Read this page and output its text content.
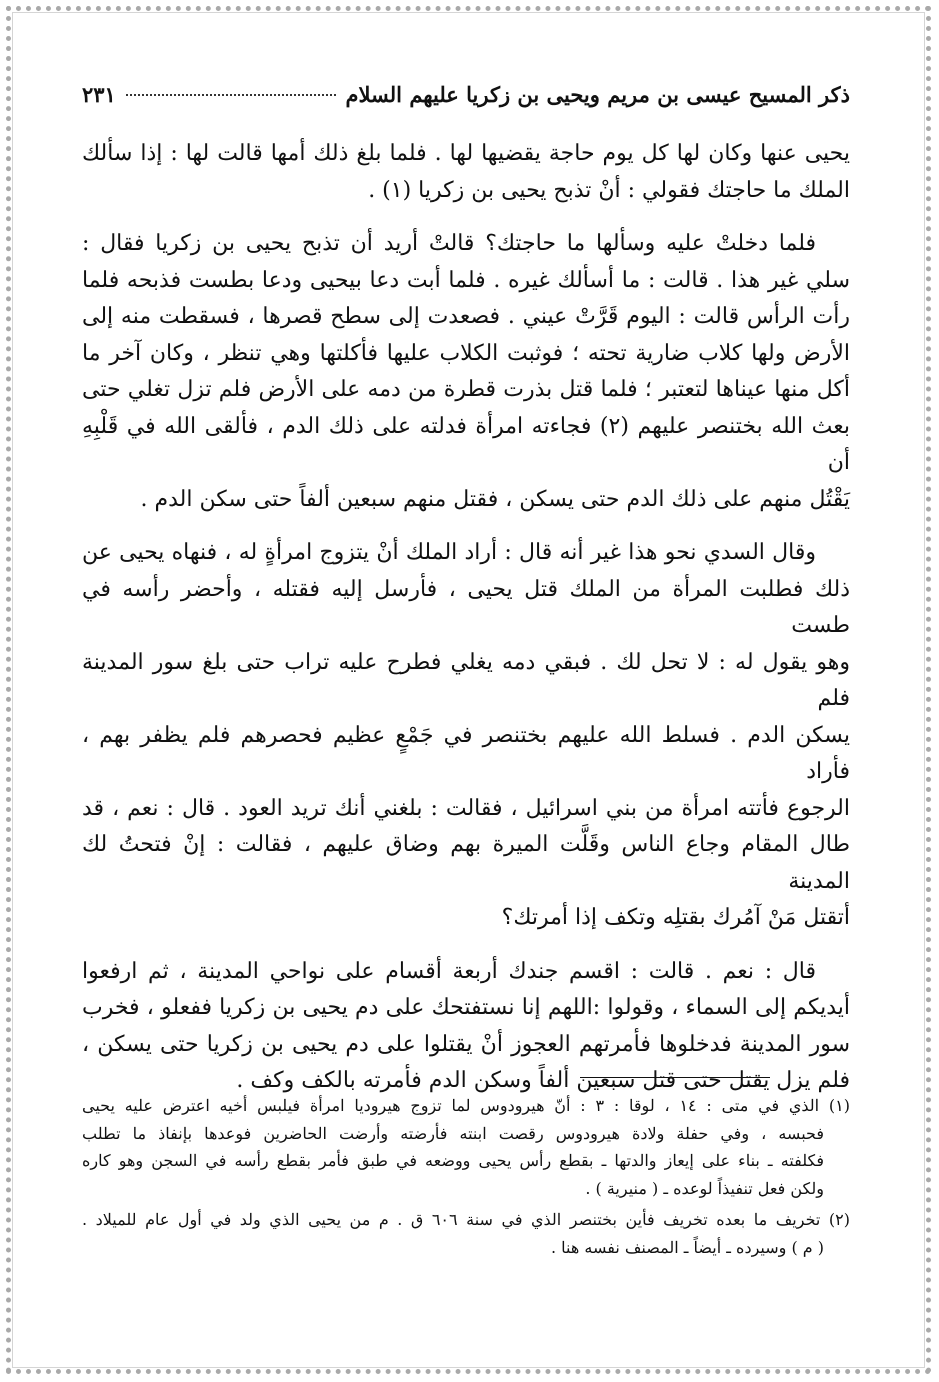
ذكر المسيح عيسى بن مريم ويحيى بن زكريا عليهم السلام
٢٣١

يحيى عنها وكان لها كل يوم حاجة يقضيها لها . فلما بلغ ذلك أمها قالت لها : إذا سألك
الملك ما حاجتك فقولي : أنْ تذبح يحيى بن زكريا (١) .

فلما دخلتْ عليه وسألها ما حاجتك؟ قالتْ أريد أن تذبح يحيى بن زكريا فقال :
سلي غير هذا . قالت : ما أسألك غيره . فلما أبت دعا بيحيى ودعا بطست فذبحه فلما
رأت الرأس قالت : اليوم قَرَّتْ عيني . فصعدت إلى سطح قصرها ، فسقطت منه إلى
الأرض ولها كلاب ضارية تحته ؛ فوثبت الكلاب عليها فأكلتها وهي تنظر ، وكان آخر ما
أكل منها عيناها لتعتبر ؛ فلما قتل بذرت قطرة من دمه على الأرض فلم تزل تغلي حتى
بعث الله بختنصر عليهم (٢) فجاءته امرأة فدلته على ذلك الدم ، فألقى الله في قَلْبِهِ أن
يَقْتُل منهم على ذلك الدم حتى يسكن ، فقتل منهم سبعين ألفاً حتى سكن الدم .

وقال السدي نحو هذا غير أنه قال : أراد الملك أنْ يتزوج امرأةٍ له ، فنهاه يحيى عن
ذلك فطلبت المرأة من الملك قتل يحيى ، فأرسل إليه فقتله ، وأحضر رأسه في طست
وهو يقول له : لا تحل لك . فبقي دمه يغلي فطرح عليه تراب حتى بلغ سور المدينة فلم
يسكن الدم . فسلط الله عليهم بختنصر في جَمْعٍ عظيم فحصرهم فلم يظفر بهم ، فأراد
الرجوع فأتته امرأة من بني اسرائيل ، فقالت : بلغني أنك تريد العود . قال : نعم ، قد
طال المقام وجاع الناس وقَلَّت الميرة بهم وضاق عليهم ، فقالت : إنْ فتحتُ لك المدينة
أتقتل مَنْ آمُرك بقتلِه وتكف إذا أمرتك؟

قال : نعم . قالت : اقسم جندك أربعة أقسام على نواحي المدينة ، ثم ارفعوا
أيديكم إلى السماء ، وقولوا :اللهم إنا نستفتحك على دم يحيى بن زكريا ففعلو ، فخرب
سور المدينة فدخلوها فأمرتهم العجوز أنْ يقتلوا على دم يحيى بن زكريا حتى يسكن ،
فلم يزل يقتل حتى قتل سبعين ألفاً وسكن الدم فأمرته بالكف وكف .

(١) الذي في متى : ١٤ ، لوقا : ٣ : أنّ هيرودوس لما تزوج هيروديا امرأة فيلبس أخيه اعترض عليه يحيى
فحبسه ، وفي حفلة ولادة هيرودوس رقصت ابنته فأرضته وأرضت الحاضرين فوعدها بإنفاذ ما تطلب
فكلفته ـ بناء على إيعاز والدتها ـ بقطع رأس يحيى ووضعه في طبق فأمر بقطع رأسه في السجن وهو كاره
ولكن فعل تنفيذاً لوعده ـ ( منيرية ) .
(٢) تخريف ما بعده تخريف فأين بختنصر الذي في سنة ٦٠٦ ق . م من يحيى الذي ولد في أول عام للميلاد .
( م ) وسيرده ـ أيضاً ـ المصنف نفسه هنا .
